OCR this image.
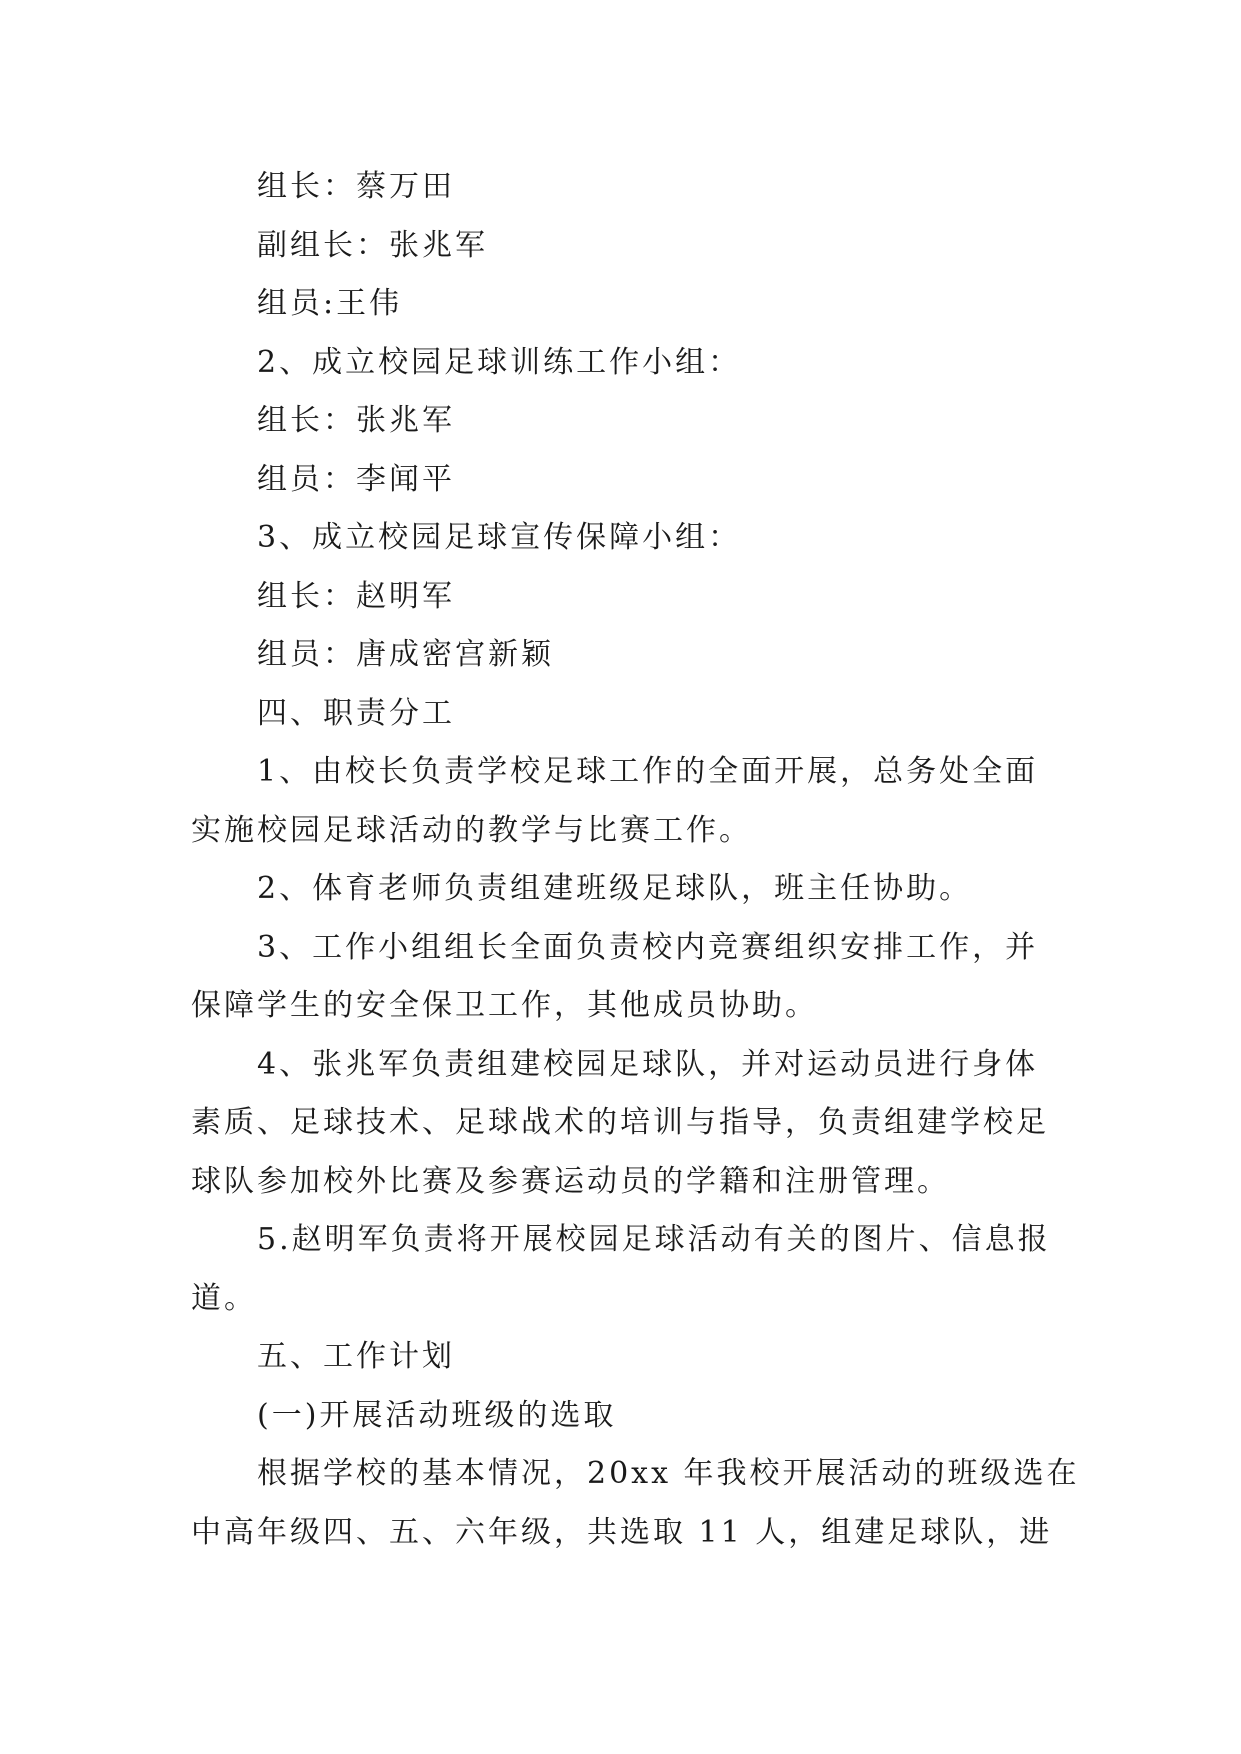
组长：蔡万田

副组长：张兆军

组员:王伟

2、成立校园足球训练工作小组：

组长：张兆军

组员：李闻平

3、成立校园足球宣传保障小组：

组长：赵明军

组员：唐成密宫新颖

四、职责分工

1、由校长负责学校足球工作的全面开展，总务处全面

实施校园足球活动的教学与比赛工作。

2、体育老师负责组建班级足球队，班主任协助。

3、工作小组组长全面负责校内竞赛组织安排工作，并

保障学生的安全保卫工作，其他成员协助。

4、张兆军负责组建校园足球队，并对运动员进行身体

素质、足球技术、足球战术的培训与指导，负责组建学校足

球队参加校外比赛及参赛运动员的学籍和注册管理。

5.赵明军负责将开展校园足球活动有关的图片、信息报

道。

五、工作计划

(一)开展活动班级的选取

根据学校的基本情况，20xx 年我校开展活动的班级选在

中高年级四、五、六年级，共选取 11 人，组建足球队，进
